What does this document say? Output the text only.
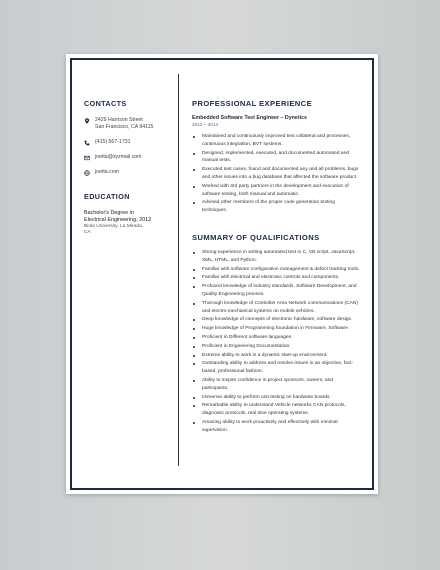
CONTACTS
2429 Harrison Street
San Francisco, CA 94115
(415) 567-1731
joetta@xyzmail.com
joetta.com
EDUCATION
Bachelor's Degree in
Electrical Engineering, 2012
Biola University, La Mirada,
CA
PROFESSIONAL EXPERIENCE
Embedded Software Test Engineer – Dynetics
2012 – 2014
Maintained and continuously improved test collateral and processes, continuous integration, BVT systems.
Designed, implemented, executed, and documented automated and manual tests.
Executed test cases, found and documented any and all problems, bugs and other issues into a bug database that affected the software product.
Worked with 3rd party partners in the development and execution of software testing, both manual and automatic.
Advised other members of the proper code generation testing techniques.
SUMMARY OF QUALIFICATIONS
Strong experience in writing automated test in C, VB script, JavaScript, XML, HTML, and Python.
Familiar with software configuration management & defect tracking tools.
Familiar with electrical and electronic controls and components.
Profound knowledge of industry standards, Software Development, and Quality Engineering process.
Thorough knowledge of Controller Area Network communications (CAN) and electro-mechanical systems on mobile vehicles.
Deep knowledge of concepts of electronic hardware, software design.
Huge knowledge of Programming foundation in Firmware, Software.
Proficient in Different software languages.
Proficient in Engineering Documentation.
Extreme ability to work in a dynamic start-up environment.
Outstanding ability to address and resolve issues in an objective, fact-based, professional fashion.
Ability to inspire confidence in project sponsors, owners, and participants.
Immense ability to perform unit testing on hardware boards.
Remarkable ability to understand Vehicle networks CAN protocols, diagnostic protocols, real time operating systems.
Amazing ability to work proactively and effectively with minimal supervision.
